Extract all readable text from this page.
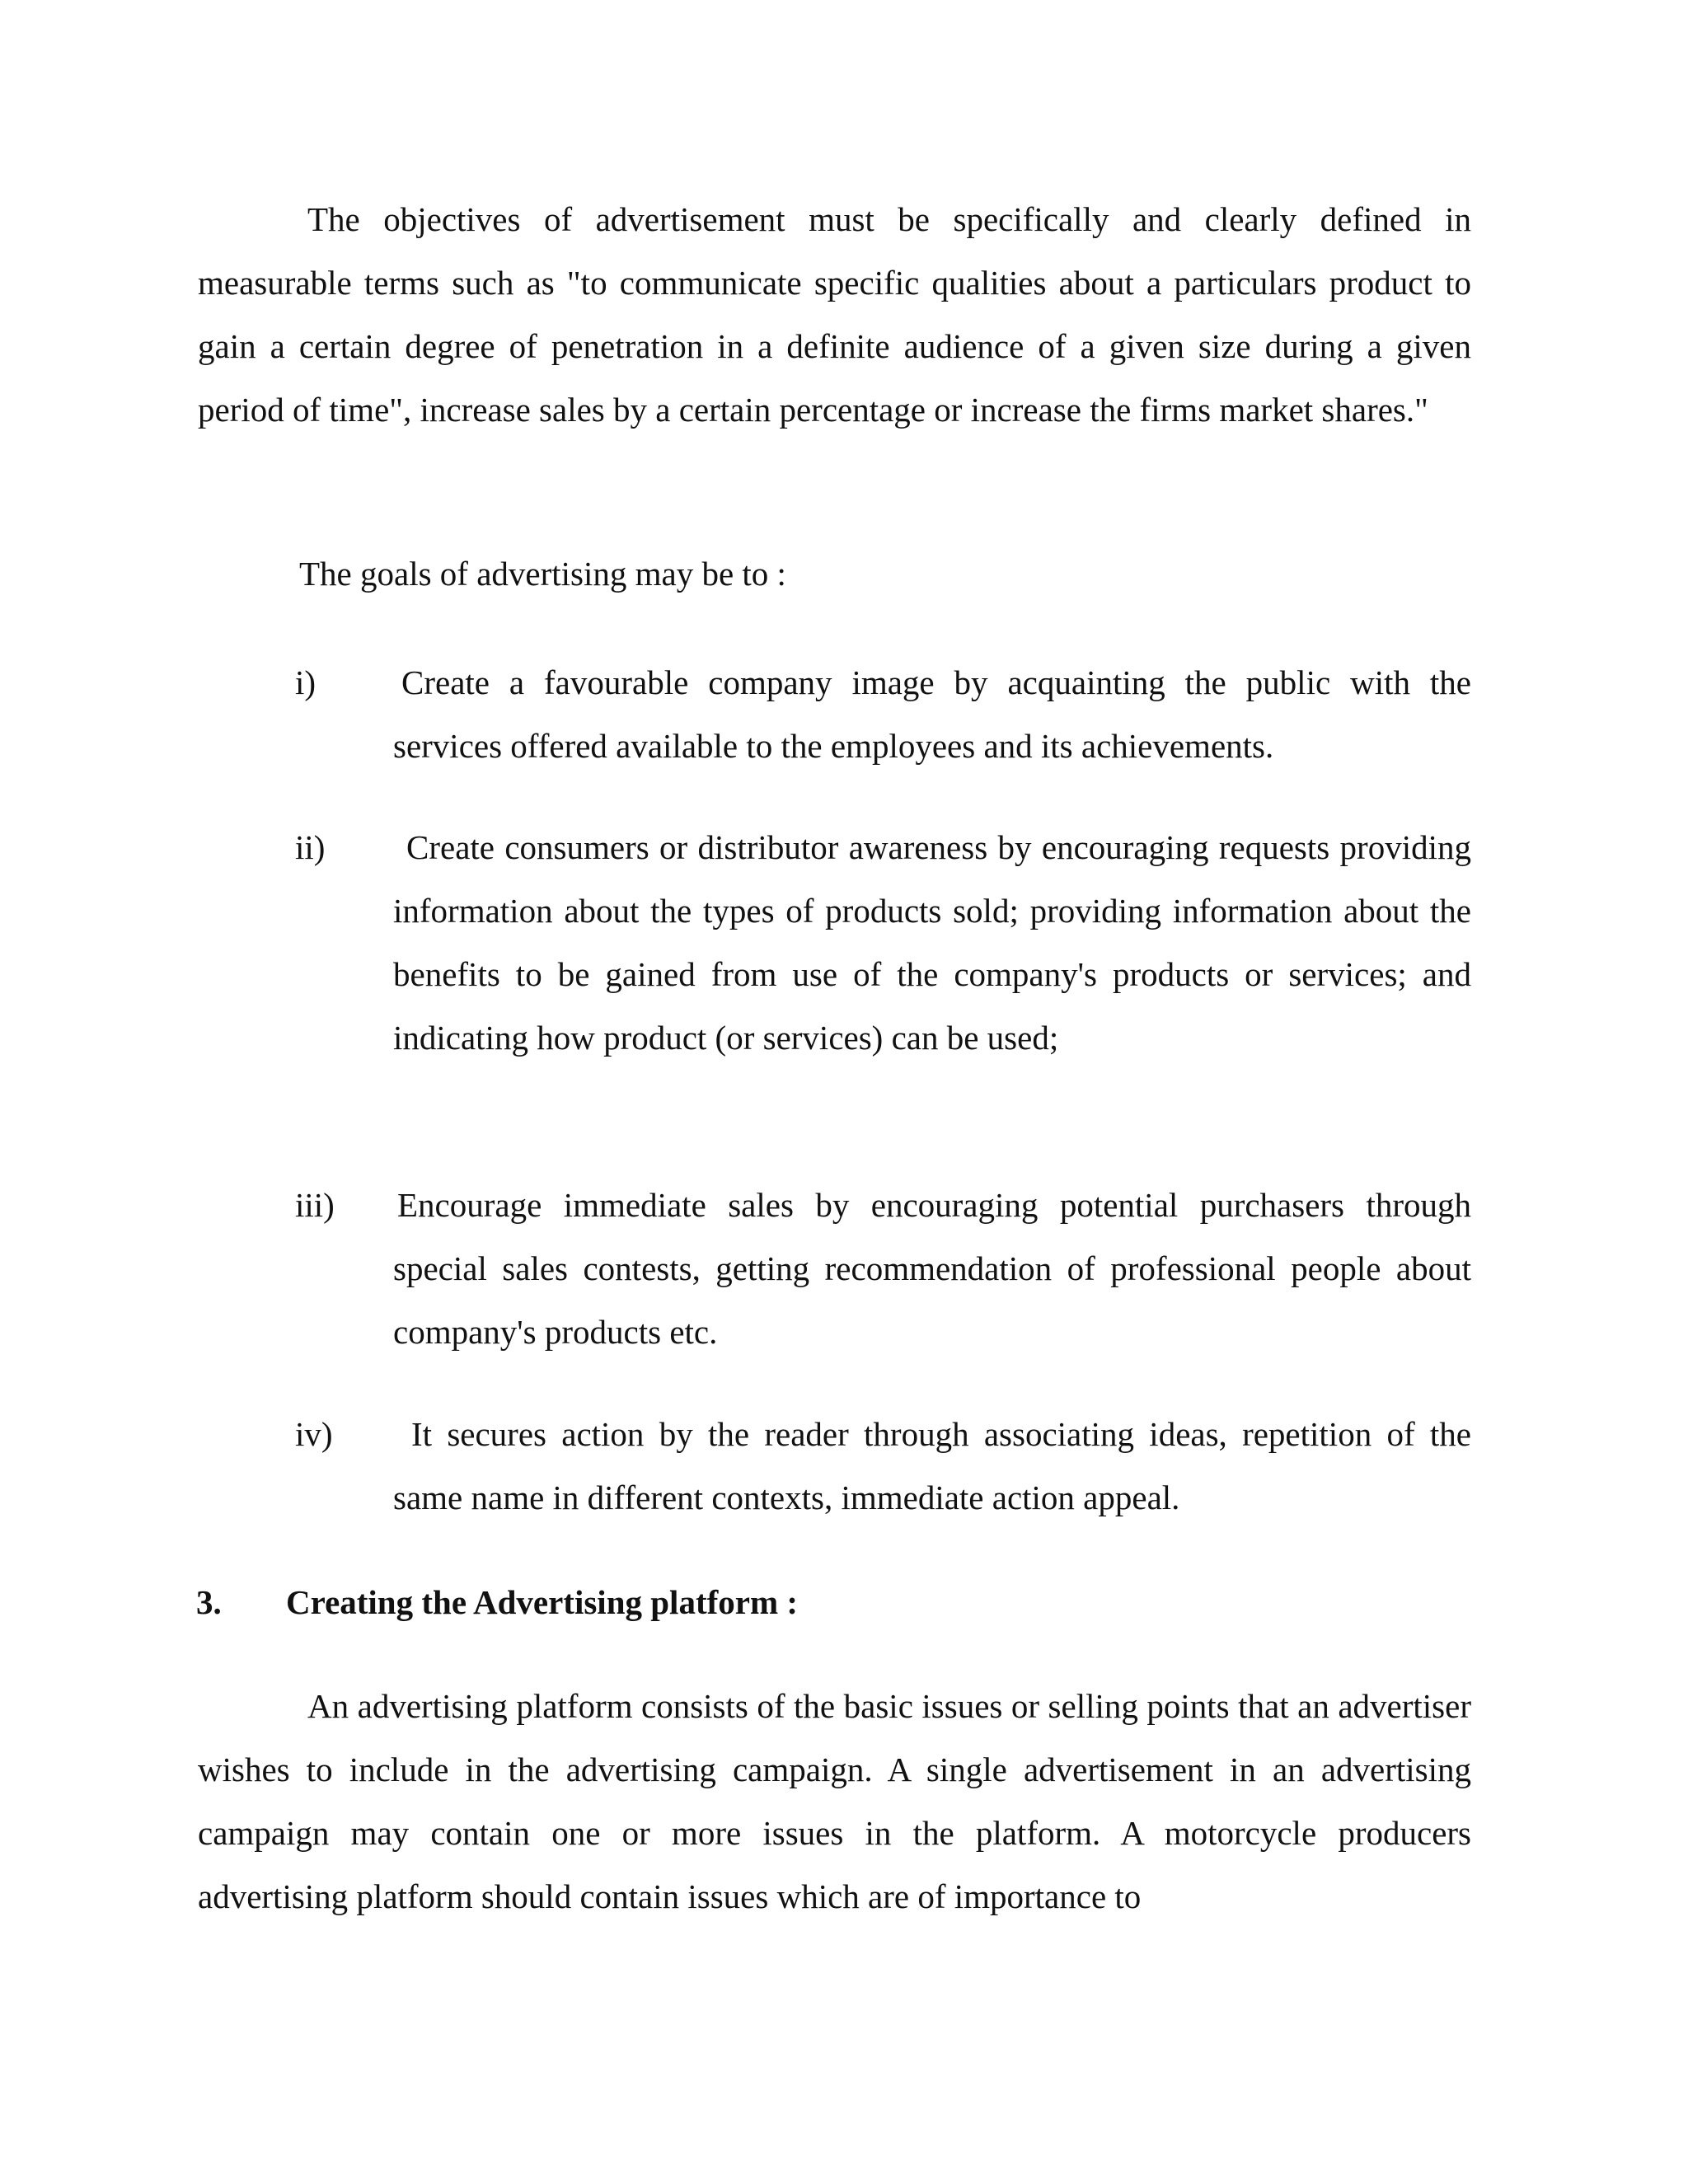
The objectives of advertisement must be specifically and clearly defined in measurable terms such as "to communicate specific qualities about a particulars product to gain a certain degree of penetration in a definite audience of a given size during a given period of time", increase sales by a certain percentage or increase the firms market shares."

The goals of advertising may be to :

i)	Create a favourable company image by acquainting the public with the services offered available to the employees and its achievements.

ii)	Create consumers or distributor awareness by encouraging requests providing information about the types of products sold; providing information about the benefits to be gained from use of the company's products or services; and indicating how product (or services) can be used;

iii) Encourage immediate sales by encouraging potential purchasers through special sales contests, getting recommendation of professional people about company's products etc.

iv)	It secures action by the reader through associating ideas, repetition of the same name in different contexts, immediate action appeal.

3. Creating the Advertising platform :

An advertising platform consists of the basic issues or selling points that an advertiser wishes to include in the advertising campaign. A single advertisement in an advertising campaign may contain one or more issues in the platform. A motorcycle producers advertising platform should contain issues which are of importance to
